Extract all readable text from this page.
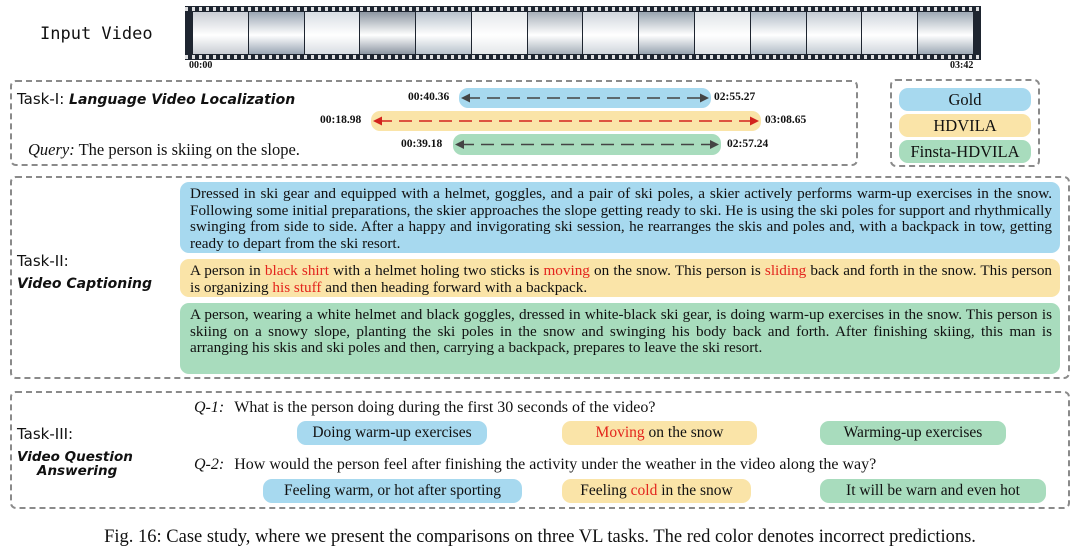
Input Video
00:00	03:42
Task-I: Language Video Localization
Query: The person is skiing on the slope.
00:40.36	02:55.27
00:18.98	03:08.65
00:39.18	02:57.24
Gold
HDVILA
Finsta-HDVILA
Task-II:
Video Captioning
Dressed in ski gear and equipped with a helmet, goggles, and a pair of ski poles, a skier actively performs warm-up exercises in the snow. Following some initial preparations, the skier approaches the slope getting ready to ski. He is using the ski poles for support and rhythmically swinging from side to side. After a happy and invigorating ski session, he rearranges the skis and poles and, with a backpack in tow, getting ready to depart from the ski resort.
A person in black shirt with a helmet holing two sticks is moving on the snow. This person is sliding back and forth in the snow. This person is organizing his stuff and then heading forward with a backpack.
A person, wearing a white helmet and black goggles, dressed in white-black ski gear, is doing warm-up exercises in the snow. This person is skiing on a snowy slope, planting the ski poles in the snow and swinging his body back and forth. After finishing skiing, this man is arranging his skis and ski poles and then, carrying a backpack, prepares to leave the ski resort.
Task-III:
Video Question
Answering
Q-1: What is the person doing during the first 30 seconds of the video?
Doing warm-up exercises	Moving on the snow	Warming-up exercises
Q-2: How would the person feel after finishing the activity under the weather in the video along the way?
Feeling warm, or hot after sporting	Feeling cold in the snow	It will be warn and even hot
Fig. 16: Case study, where we present the comparisons on three VL tasks. The red color denotes incorrect predictions.
